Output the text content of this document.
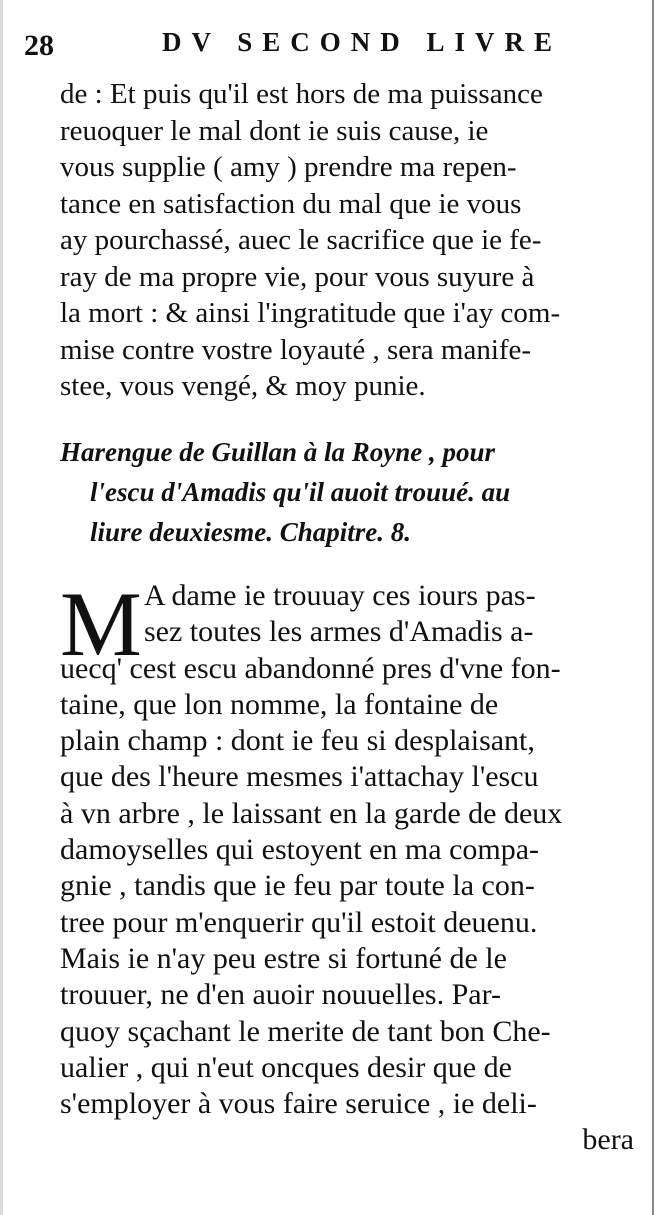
28	DV SECOND LIVRE
de : Et puis qu'il est hors de ma puissance
reuoquer le mal dont ie suis cause, ie
vous supplie ( amy ) prendre ma repen-
tance en satisfaction du mal que ie vous
ay pourchassé, auec le sacrifice que ie fe-
ray de ma propre vie, pour vous suyure à
la mort : & ainsi l'ingratitude que i'ay com-
mise contre vostre loyauté , sera manife-
stee, vous vengé, & moy punie.
Harengue de Guillan à la Royne , pour
l'escu d'Amadis qu'il auoit trouué. au
liure deuxiesme. Chapitre. 8.
M A dame ie trouuay ces iours pas-
sez toutes les armes d'Amadis a-
uecq' cest escu abandonné pres d'vne fon-
taine, que lon nomme, la fontaine de
plain champ : dont ie feu si desplaisant,
que des l'heure mesmes i'attachay l'escu
à vn arbre , le laissant en la garde de deux
damoyselles qui estoyent en ma compa-
gnie , tandis que ie feu par toute la con-
tree pour m'enquerir qu'il estoit deuenu.
Mais ie n'ay peu estre si fortuné de le
trouuer, ne d'en auoir nouuelles. Par-
quoy sçachant le merite de tant bon Che-
ualier , qui n'eut oncques desir que de
s'employer à vous faire seruice , ie deli-
bera
